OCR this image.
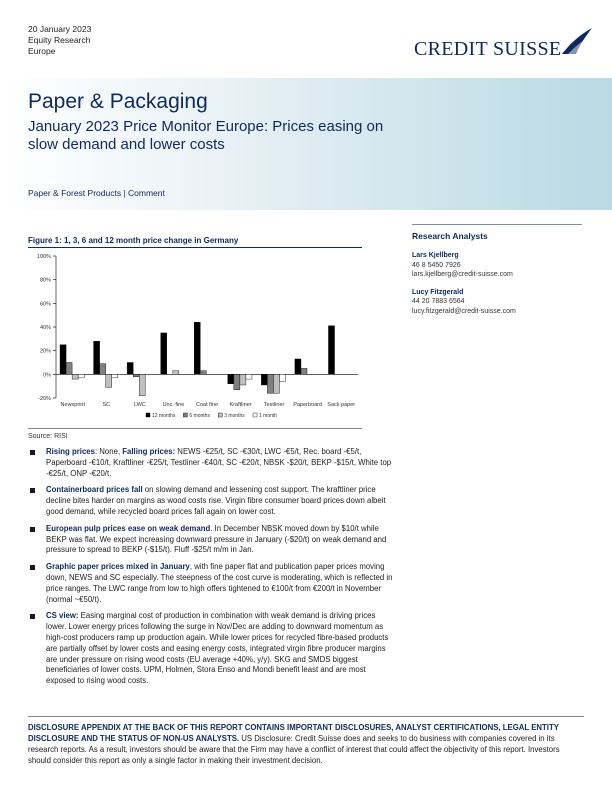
20 January 2023
Equity Research
Europe	CREDIT SUISSE
Paper & Packaging
January 2023 Price Monitor Europe: Prices easing on slow demand and lower costs
Paper & Forest Products | Comment
Research Analysts
Lars Kjellberg
46 8 5450 7926
lars.kjellberg@credit-suisse.com
Lucy Fitzgerald
44 20 7883 6564
lucy.fitzgerald@credit-suisse.com
Figure 1: 1, 3, 6 and 12 month price change in Germany
100%
80%
60%
40%
20%
0%
-20%
Newsprint	SC	LWC	Unc. fine Coat fine Kraftliner Testliner Paperboard Sack paper
12 months	6 months	3 months	1 month
Source: RISI
Rising prices: None, Falling prices: NEWS -€25/t, SC -€30/t, LWC -€5/t, Rec. board -€5/t, Paperboard -€10/t, Kraftliner -€25/t, Testliner -€40/t, SC -€20/t, NBSK -$20/t, BEKP -$15/t, White top -€25/t, ONP -€20/t.
Containerboard prices fall on slowing demand and lessening cost support. The kraftliner price decline bites harder on margins as wood costs rise. Virgin fibre consumer board prices down albeit good demand, while recycled board prices fall again on lower cost.
European pulp prices ease on weak demand. In December NBSK moved down by $10/t while BEKP was flat. We expect increasing downward pressure in January (-$20/t) on weak demand and pressure to spread to BEKP (-$15/t). Fluff -$25/t m/m in Jan.
Graphic paper prices mixed in January, with fine paper flat and publication paper prices moving down, NEWS and SC especially. The steepness of the cost curve is moderating, which is reflected in price ranges. The LWC range from low to high offers tightened to €100/t from €200/t in November (normal ~€50/t).
CS view: Easing marginal cost of production in combination with weak demand is driving prices lower. Lower energy prices following the surge in Nov/Dec are adding to downward momentum as high-cost producers ramp up production again. While lower prices for recycled fibre-based products are partially offset by lower costs and easing energy costs, integrated virgin fibre producer margins are under pressure on rising wood costs (EU average +40%, y/y). SKG and SMDS biggest beneficiaries of lower costs. UPM, Holmen, Stora Enso and Mondi benefit least and are most exposed to rising wood costs.
DISCLOSURE APPENDIX AT THE BACK OF THIS REPORT CONTAINS IMPORTANT DISCLOSURES, ANALYST CERTIFICATIONS, LEGAL ENTITY DISCLOSURE AND THE STATUS OF NON-US ANALYSTS. US Disclosure: Credit Suisse does and seeks to do business with companies covered in its research reports. As a result, investors should be aware that the Firm may have a conflict of interest that could affect the objectivity of this report. Investors should consider this report as only a single factor in making their investment decision.
